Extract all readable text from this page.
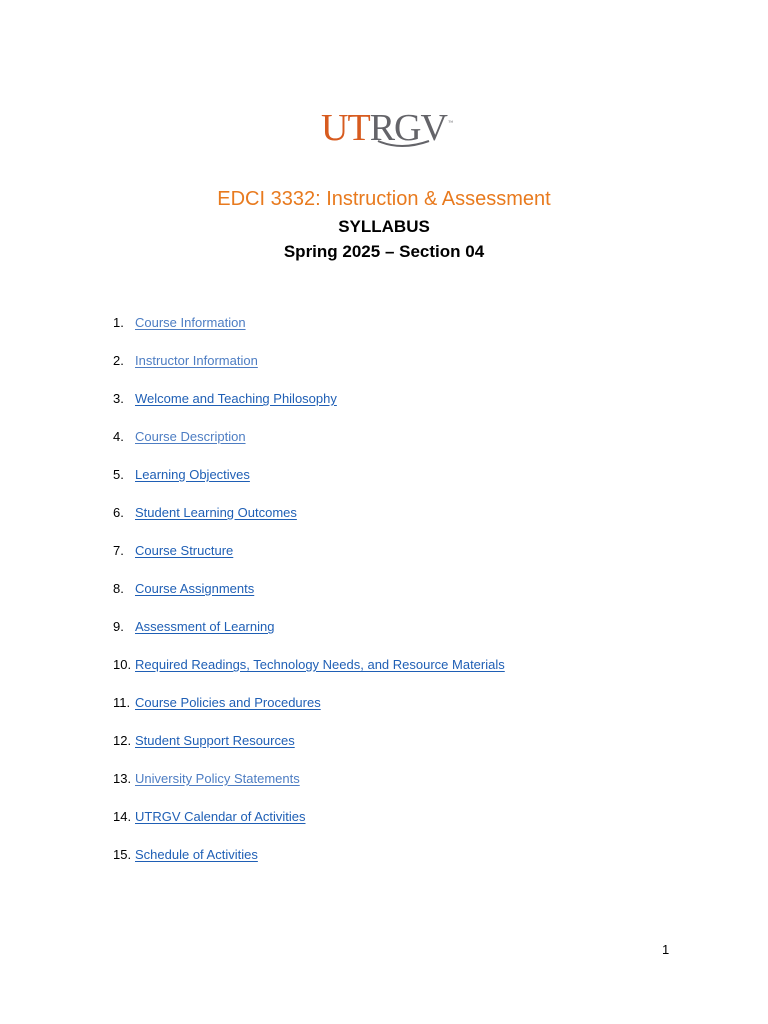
UTRGV ™
EDCI 3332: Instruction & Assessment
SYLLABUS
Spring 2025 – Section 04
1. Course Information
2. Instructor Information
3. Welcome and Teaching Philosophy
4. Course Description
5. Learning Objectives
6. Student Learning Outcomes
7. Course Structure
8. Course Assignments
9. Assessment of Learning
10. Required Readings, Technology Needs, and Resource Materials
11. Course Policies and Procedures
12. Student Support Resources
13. University Policy Statements
14. UTRGV Calendar of Activities
15. Schedule of Activities
1
